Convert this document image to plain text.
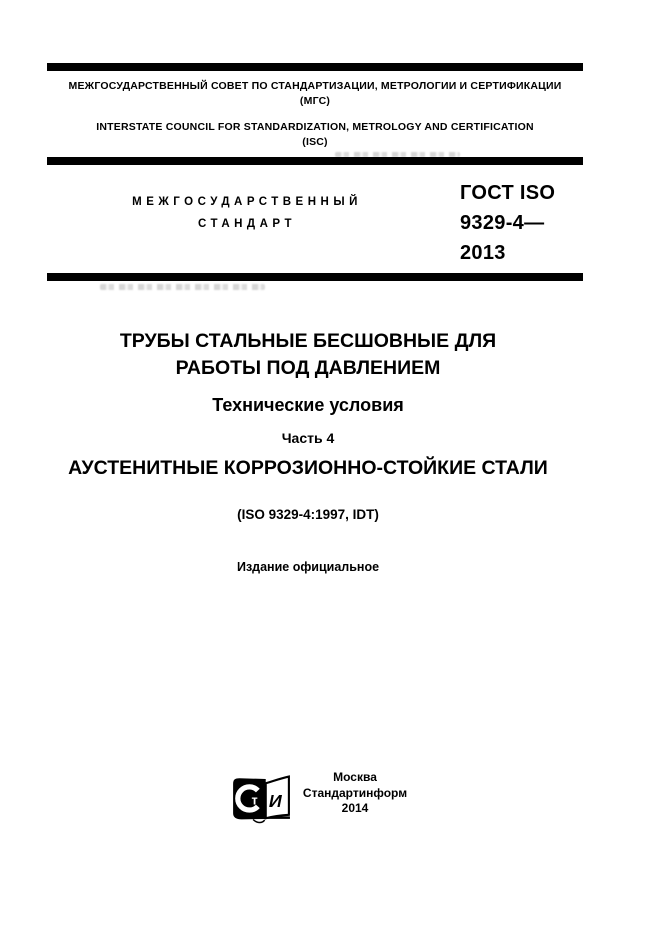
МЕЖГОСУДАРСТВЕННЫЙ СОВЕТ ПО СТАНДАРТИЗАЦИИ, МЕТРОЛОГИИ И СЕРТИФИКАЦИИ
(МГС)
INTERSTATE COUNCIL FOR STANDARDIZATION, METROLOGY AND CERTIFICATION
(ISC)
МЕЖГОСУДАРСТВЕННЫЙ
СТАНДАРТ
ГОСТ ISO
9329-4—
2013
ТРУБЫ СТАЛЬНЫЕ БЕСШОВНЫЕ ДЛЯ
РАБОТЫ ПОД ДАВЛЕНИЕМ
Технические условия
Часть 4
АУСТЕНИТНЫЕ КОРРОЗИОННО-СТОЙКИЕ СТАЛИ
(ISO 9329-4:1997, IDT)
Издание официальное
т И
Москва
Стандартинформ
2014
